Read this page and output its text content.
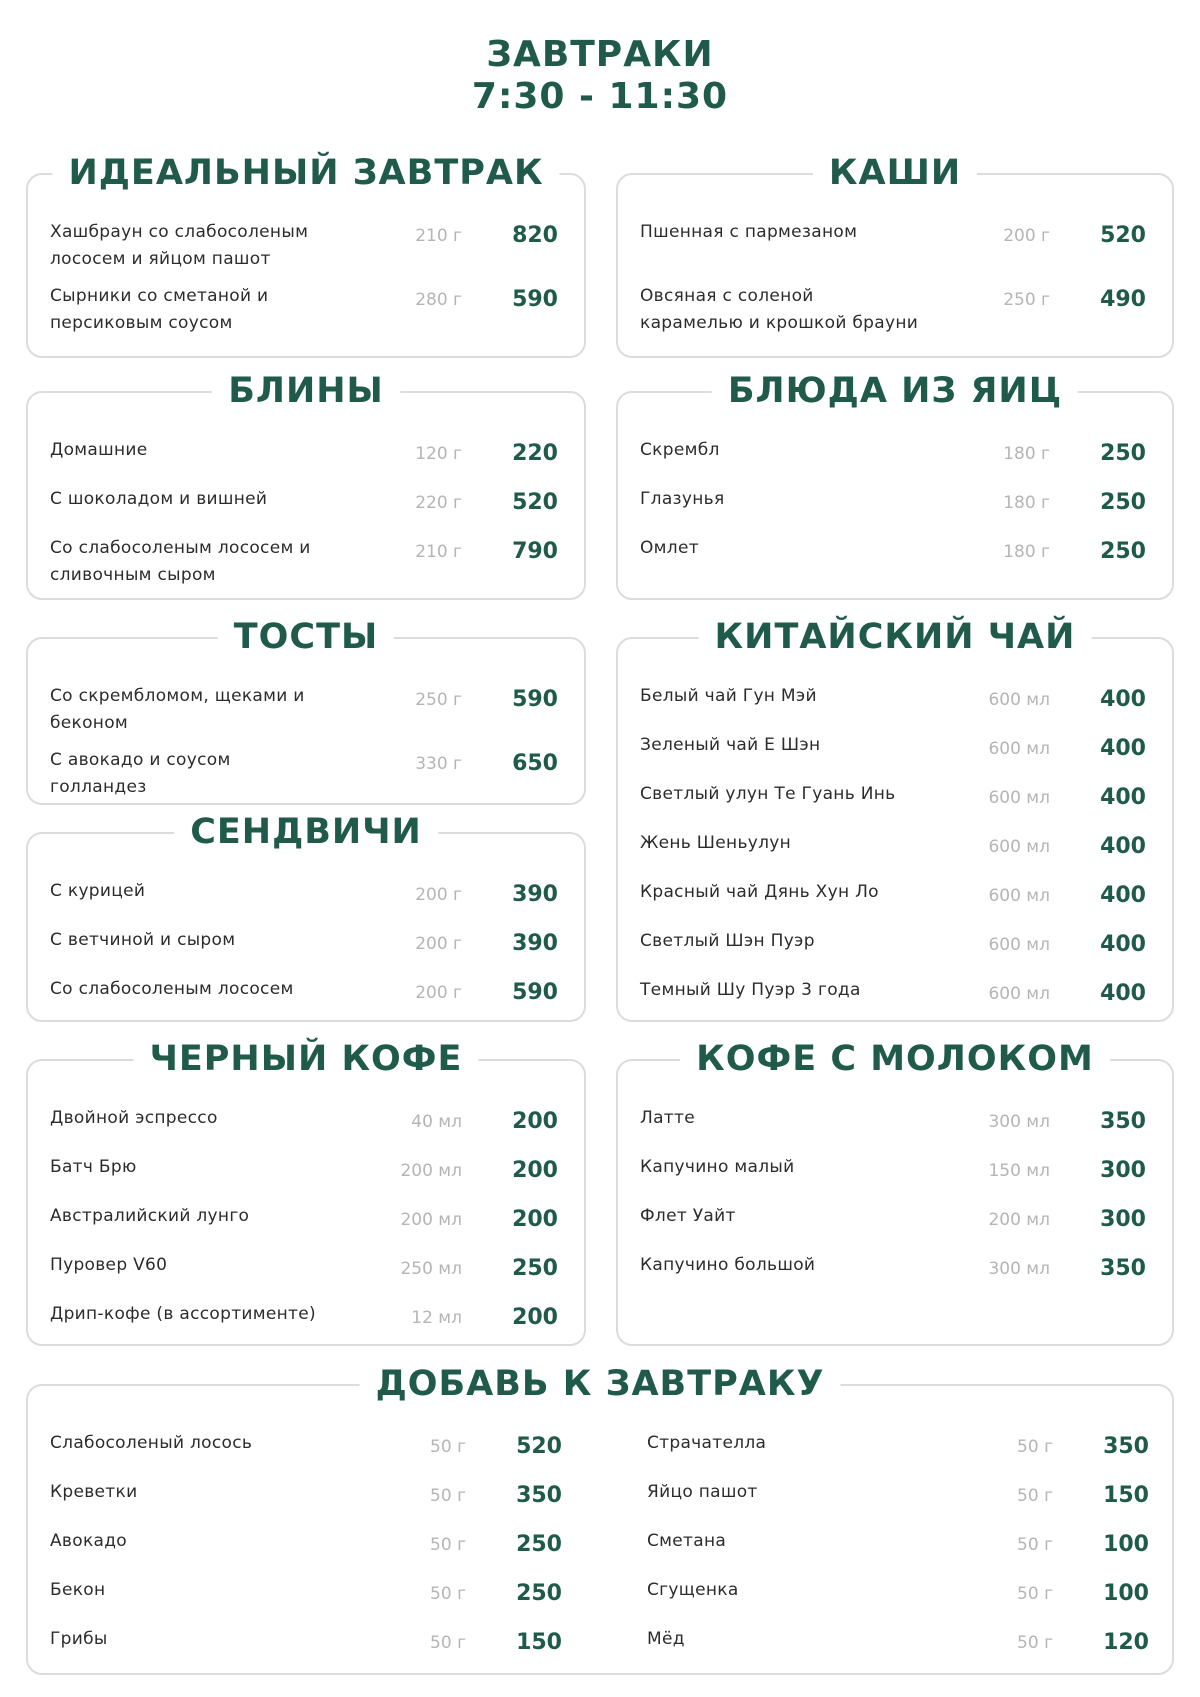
ЗАВТРАКИ
7:30 - 11:30
ИДЕАЛЬНЫЙ ЗАВТРАК
Хашбраун со слабосоленым лососем и яйцом пашот
210 г 820
Сырники со сметаной и персиковым соусом
280 г 590
КАШИ
Пшенная с пармезаном	200 г 520
Овсяная с соленой карамелью и крошкой брауни
250 г 490
БЛИНЫ
Домашние	120 г 220
С шоколадом и вишней	220 г 520
Со слабосоленым лососем и сливочным сыром
210 г 790
БЛЮДА ИЗ ЯИЦ
Скрембл	180 г 250
Глазунья	180 г 250
Омлет	180 г 250
ТОСТЫ
Со скрембломом, щеками и беконом
250 г 590
С авокадо и соусом голландез
330 г 650
СЕНДВИЧИ
С курицей	200 г 390
С ветчиной и сыром	200 г 390
Со слабосоленым лососем	200 г 590
КИТАЙСКИЙ ЧАЙ
Белый чай Гун Мэй	600 мл 400
Зеленый чай Е Шэн	600 мл 400
Светлый улун Те Гуань Инь	600 мл 400
Жень Шеньулун	600 мл 400
Красный чай Дянь Хун Ло	600 мл 400
Светлый Шэн Пуэр	600 мл 400
Темный Шу Пуэр 3 года	600 мл 400
ЧЕРНЫЙ КОФЕ
Двойной эспрессо	40 мл 200
Батч Брю	200 мл 200
Австралийский лунго	200 мл 200
Пуровер V60	250 мл 250
Дрип-кофе (в ассортименте)	12 мл 200
КОФЕ С МОЛОКОМ
Латте	300 мл 350
Капучино малый	150 мл 300
Флет Уайт	200 мл 300
Капучино большой	300 мл 350
ДОБАВЬ К ЗАВТРАКУ
Слабосоленый лосось	50 г 520
Креветки	50 г 350
Авокадо	50 г 250
Бекон	50 г 250
Грибы	50 г 150
Страчателла	50 г 350
Яйцо пашот	50 г 150
Сметана	50 г 100
Сгущенка	50 г 100
Мёд	50 г 120
